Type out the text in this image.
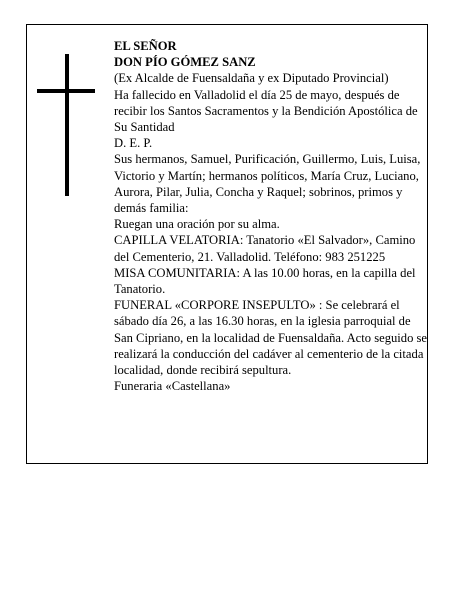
EL SEÑOR

DON PÍO GÓMEZ SANZ

(Ex Alcalde de Fuensaldaña y ex Diputado Provincial)

Ha fallecido en Valladolid el día 25 de mayo, después de recibir los Santos Sacramentos y la Bendición Apostólica de Su Santidad

D. E. P.

Sus hermanos, Samuel, Purificación, Guillermo, Luis, Luisa, Victorio y Martín; hermanos políticos, María Cruz, Luciano, Aurora, Pilar, Julia, Concha y Raquel; sobrinos, primos y demás familia:

Ruegan una oración por su alma.

CAPILLA VELATORIA: Tanatorio «El Salvador», Camino del Cementerio, 21. Valladolid. Teléfono: 983 251225

MISA COMUNITARIA: A las 10.00 horas, en la capilla del Tanatorio.

FUNERAL «CORPORE INSEPULTO» : Se celebrará el sábado día 26, a las 16.30 horas, en la iglesia parroquial de San Cipriano, en la localidad de Fuensaldaña. Acto seguido se realizará la conducción del cadáver al cementerio de la citada localidad, donde recibirá sepultura.

Funeraria «Castellana»
